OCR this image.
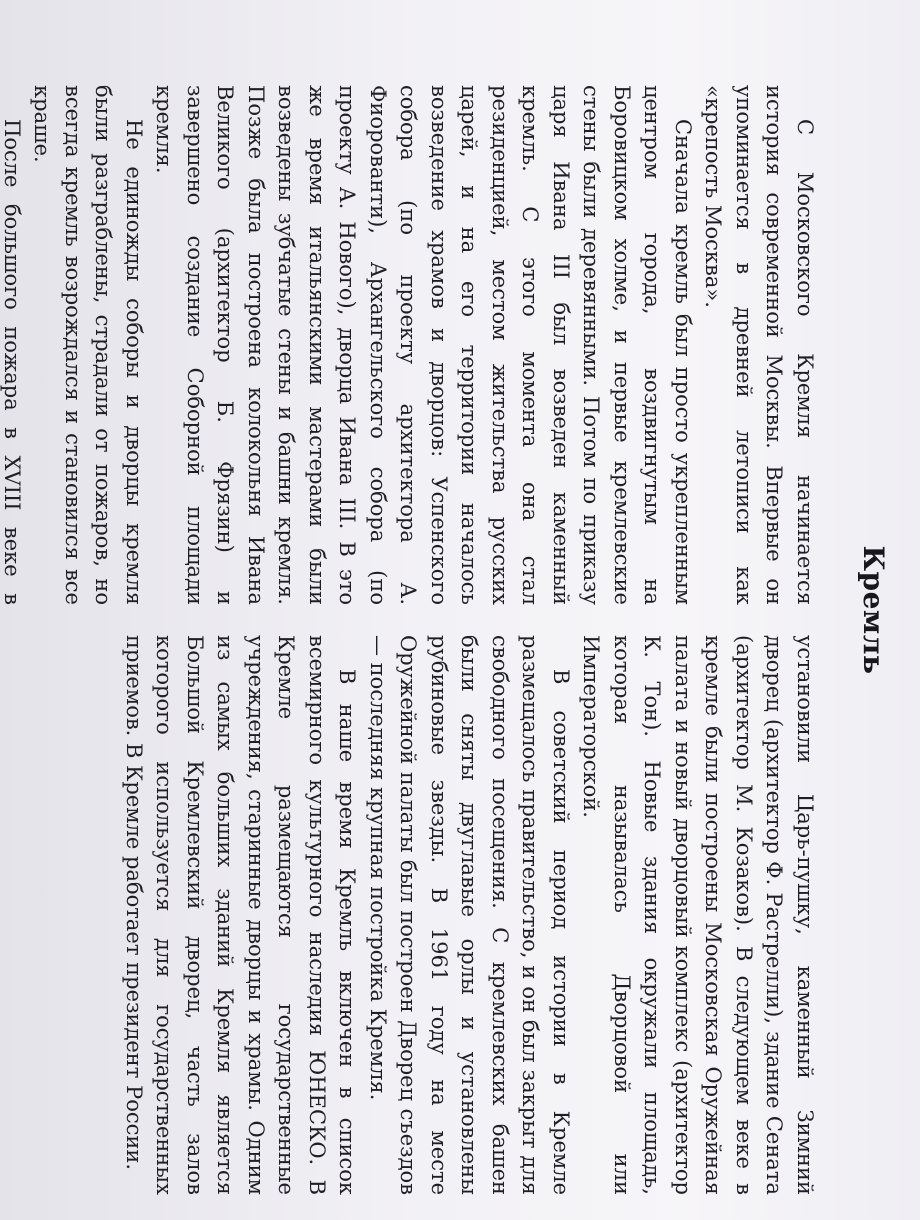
Кремль

С Московского Кремля начинается история современной Москвы. Впервые он упоминается в древней летописи как «крепость Москва».

Сначала кремль был просто укрепленным центром города, воздвигнутым на Боровицком холме, и первые кремлевские стены были деревянными. Потом по приказу царя Ивана III был возведен каменный кремль. С этого момента она стал резиденцией, местом жительства русских царей, и на его территории началось возведение храмов и дворцов: Успенского собора (по проекту архитектора А. Фиорованти), Архангельского собора (по проекту А. Нового), дворца Ивана III. В это же время итальянскими мастерами были возведены зубчатые стены и башни кремля. Позже была построена колокольня Ивана Великого (архитектор Б. Фрязин) и завершено создание Соборной площади кремля.

Не единожды соборы и дворцы кремля были разграблены, страдали от пожаров, но всегда кремль возрождался и становился все краше.

После большого пожара в XVIII веке в

установили Царь-пушку, каменный Зимний дворец (архитектор Ф. Растрелли), здание Сената (архитектор М. Козаков). В следующем веке в кремле были построены Московская Оружейная палата и новый дворцовый комплекс (архитектор К. Тон). Новые здания окружали площадь, которая называлась Дворцовой или Императорской.

В советский период истории в Кремле размещалось правительство, и он был закрыт для свободного посещения. С кремлевских башен были сняты двуглавые орлы и установлены рубиновые звезды. В 1961 году на месте Оружейной палаты был построен Дворец съездов — последняя крупная постройка Кремля.

В наше время Кремль включен в список всемирного культурного наследия ЮНЕСКО. В Кремле размещаются государственные учреждения, старинные дворцы и храмы. Одним из самых больших зданий Кремля является Большой Кремлевский дворец, часть залов которого используется для государственных приемов. В Кремле работает президент России.
